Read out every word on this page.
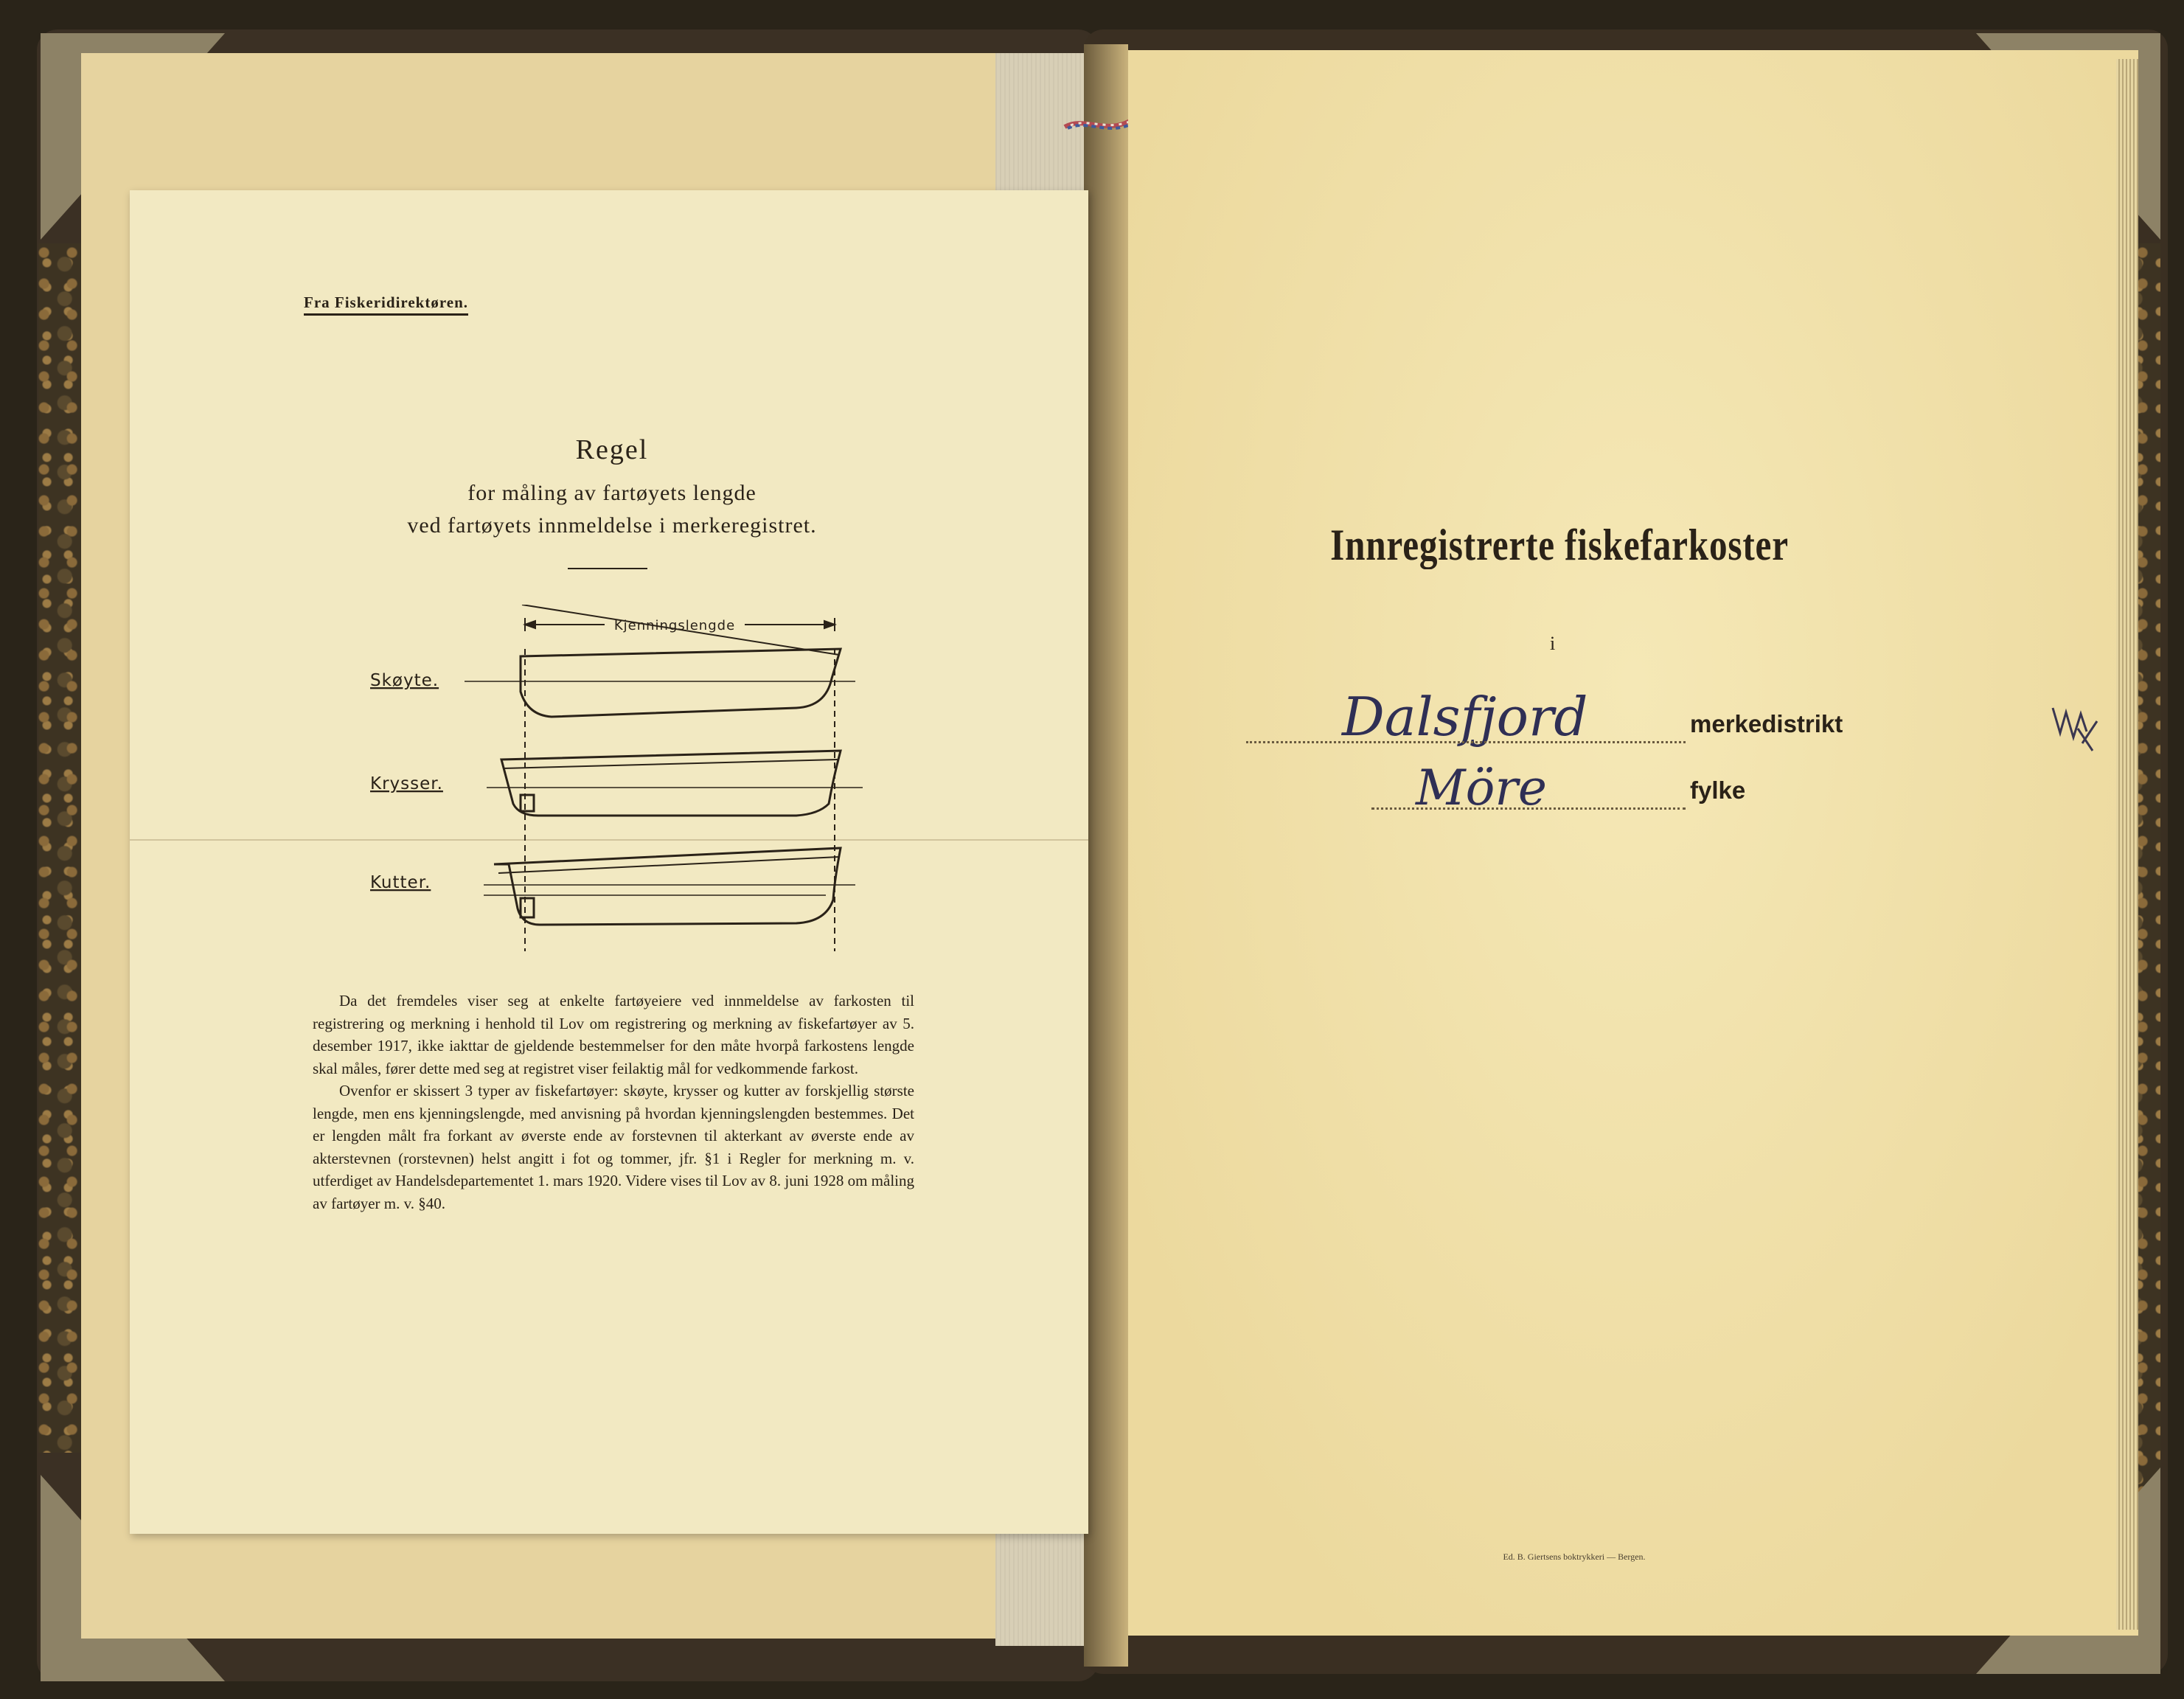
Fra Fiskeridirektøren.
Regel
for måling av fartøyets lengde
ved fartøyets innmeldelse i merkeregistret.
Kjenningslengde
Skøyte.
Krysser.
Kutter.

Da det fremdeles viser seg at enkelte fartøyeiere ved innmeldelse av farkosten til registrering og merkning i henhold til Lov om registrering og merkning av fiskefartøyer av 5. desember 1917, ikke iakttar de gjeldende bestemmelser for den måte hvorpå farkostens lengde skal måles, fører dette med seg at registret viser feilaktig mål for vedkommende farkost.

Ovenfor er skissert 3 typer av fiskefartøyer: skøyte, krysser og kutter av forskjellig største lengde, men ens kjenningslengde, med anvisning på hvordan kjenningslengden bestemmes. Det er lengden målt fra forkant av øverste ende av forstevnen til akterkant av øverste ende av akterstevnen (rorstevnen) helst angitt i fot og tommer, jfr. §1 i Regler for merkning m. v. utferdiget av Handelsdepartementet 1. mars 1920. Videre vises til Lov av 8. juni 1928 om måling av fartøyer m. v. §40.

Innregistrerte fiskefarkoster
i
Dalsfjord	merkedistrikt
Möre	fylke
Ed. B. Giertsens boktrykkeri — Bergen.
